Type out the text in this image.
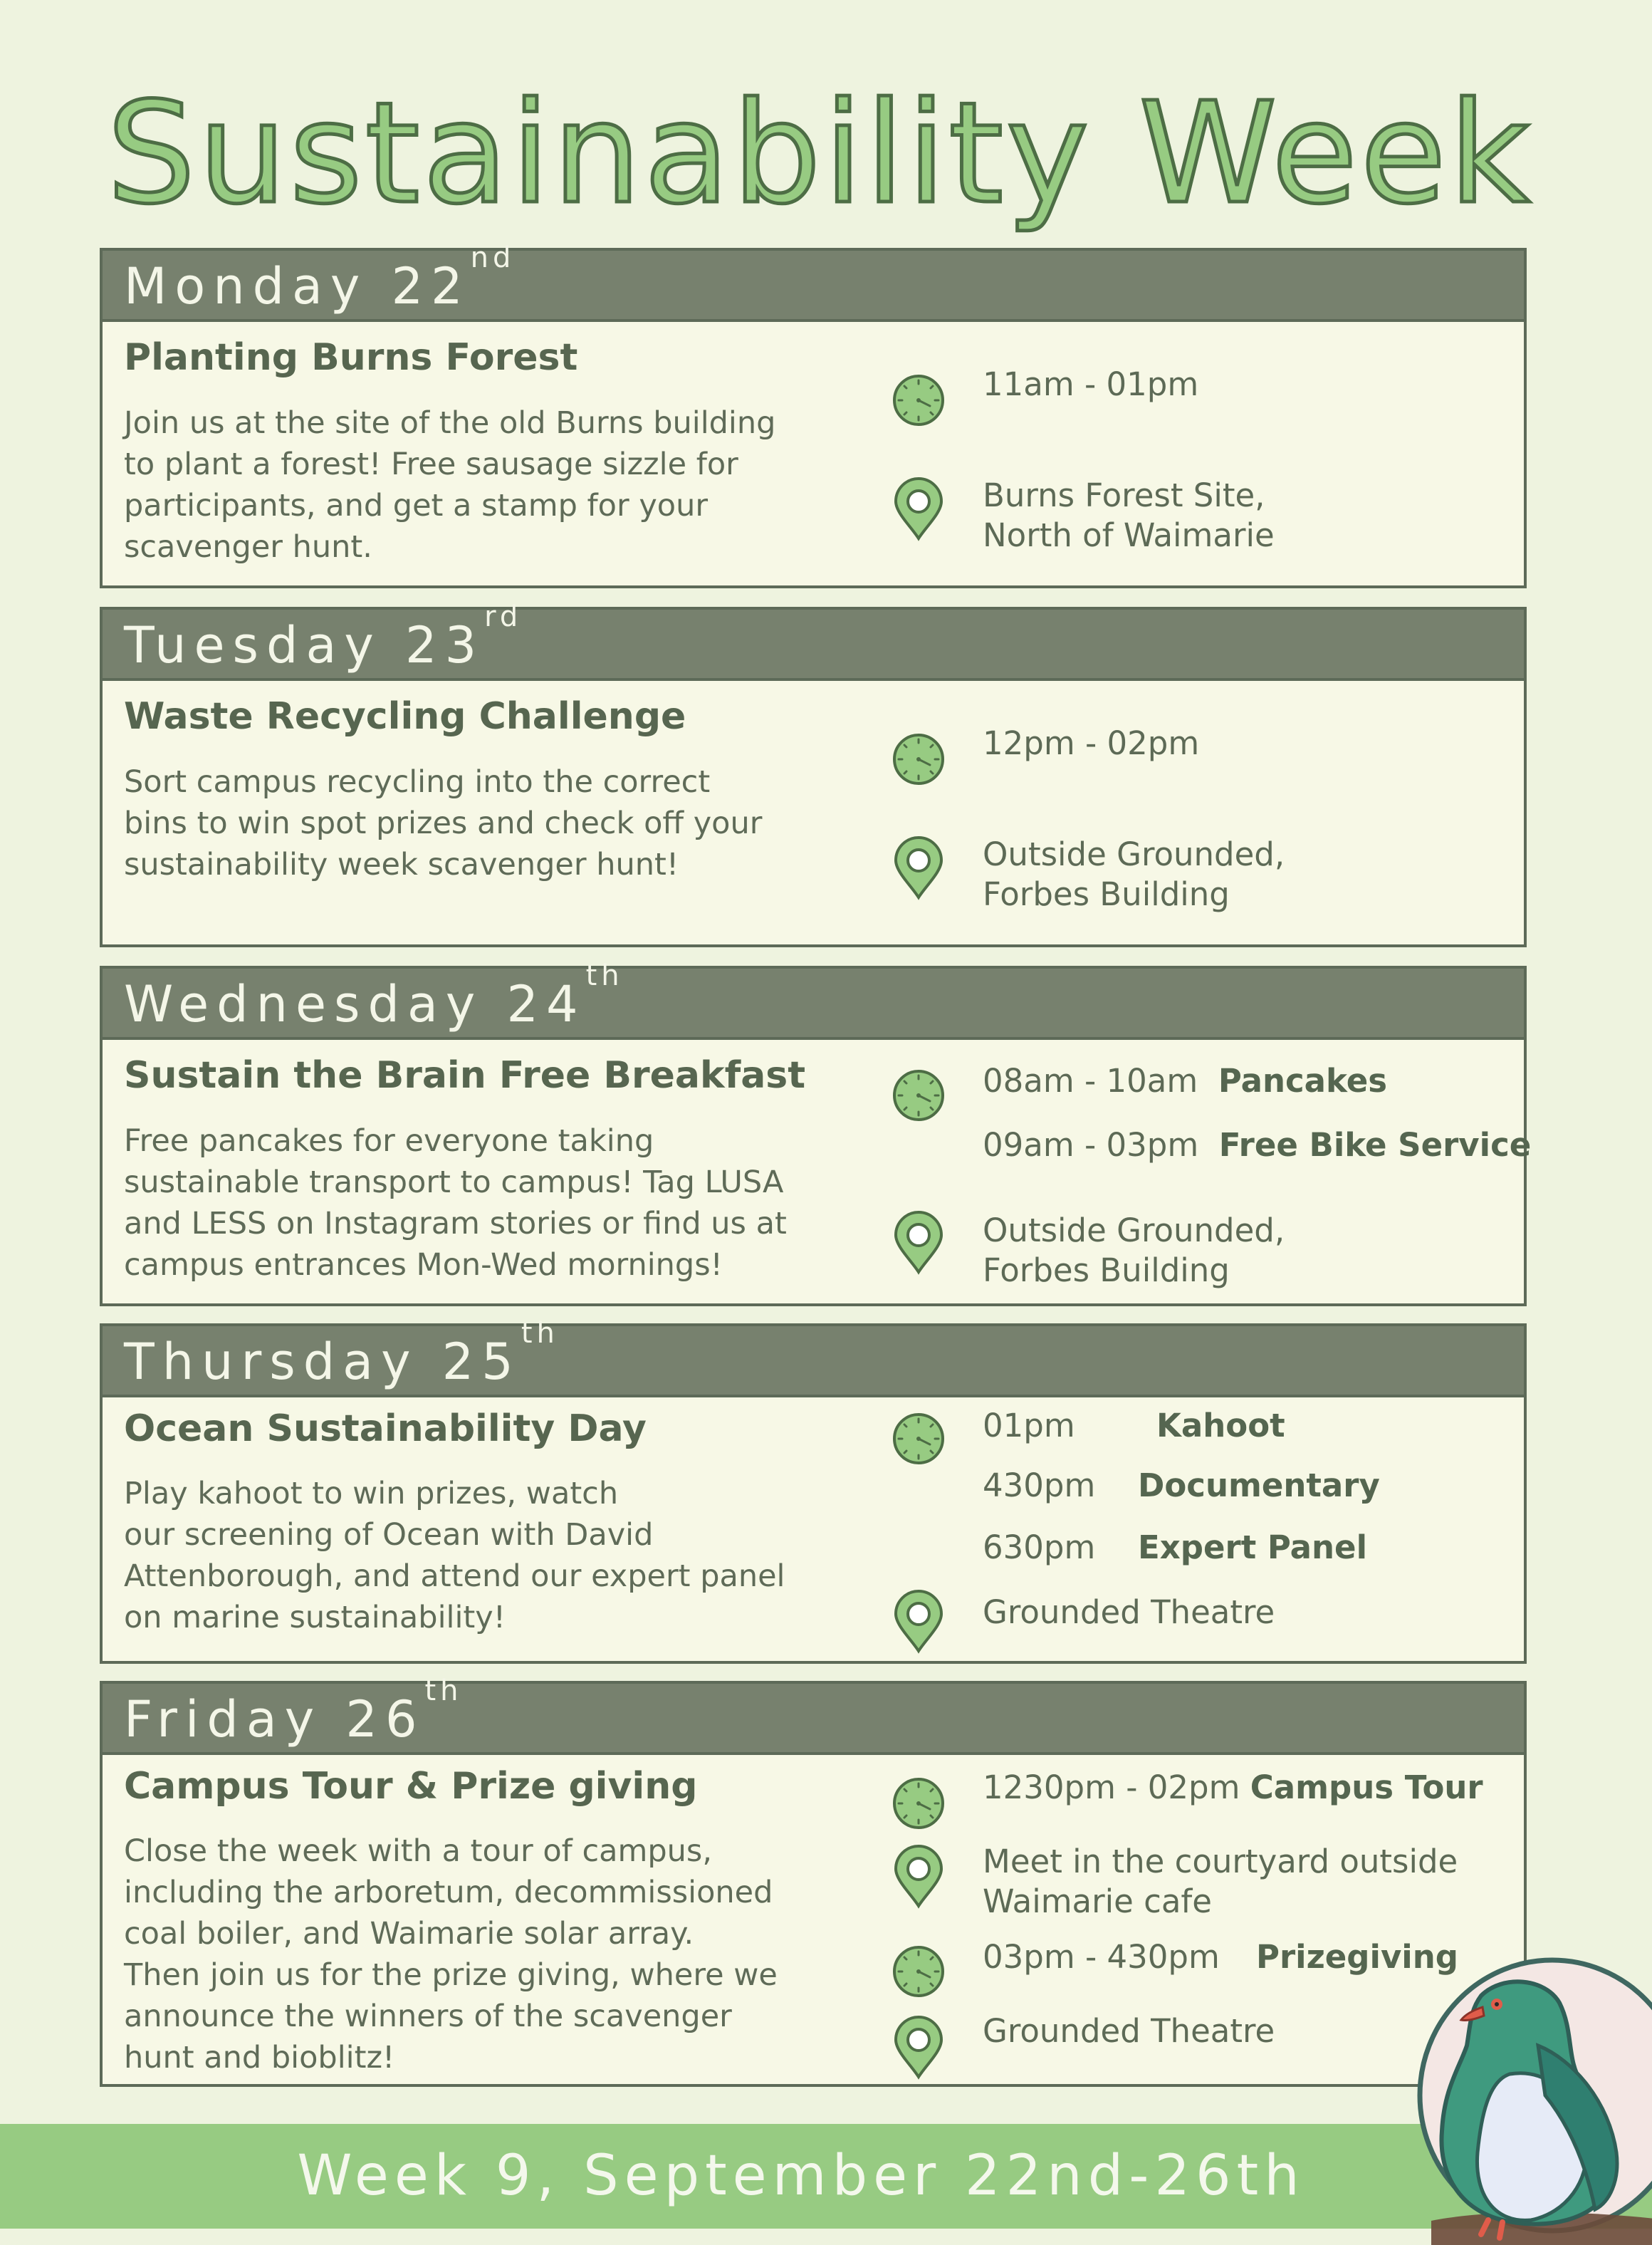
Sustainability Week
Monday 22nd
Planting Burns Forest

Join us at the site of the old Burns building
to plant a forest! Free sausage sizzle for
participants, and get a stamp for your
scavenger hunt.

11am - 01pm
Burns Forest Site,
North of Waimarie
Tuesday 23rd
Waste Recycling Challenge

Sort campus recycling into the correct
bins to win spot prizes and check off your
sustainability week scavenger hunt!

12pm - 02pm
Outside Grounded,
Forbes Building
Wednesday 24th
Sustain the Brain Free Breakfast

Free pancakes for everyone taking
sustainable transport to campus! Tag LUSA
and LESS on Instagram stories or find us at
campus entrances Mon-Wed mornings!

08am - 10am Pancakes
09am - 03pm Free Bike Service
Outside Grounded,
Forbes Building
Thursday 25th
Ocean Sustainability Day

Play kahoot to win prizes, watch
our screening of Ocean with David
Attenborough, and attend our expert panel
on marine sustainability!

01pm	Kahoot
430pm Documentary
630pm Expert Panel
Grounded Theatre
Friday 26th
Campus Tour & Prize giving

Close the week with a tour of campus,
including the arboretum, decommissioned
coal boiler, and Waimarie solar array.
Then join us for the prize giving, where we
announce the winners of the scavenger
hunt and bioblitz!

1230pm - 02pm Campus Tour
Meet in the courtyard outside
Waimarie cafe
03pm - 430pm Prizegiving
Grounded Theatre
Week 9, September 22nd-26th
